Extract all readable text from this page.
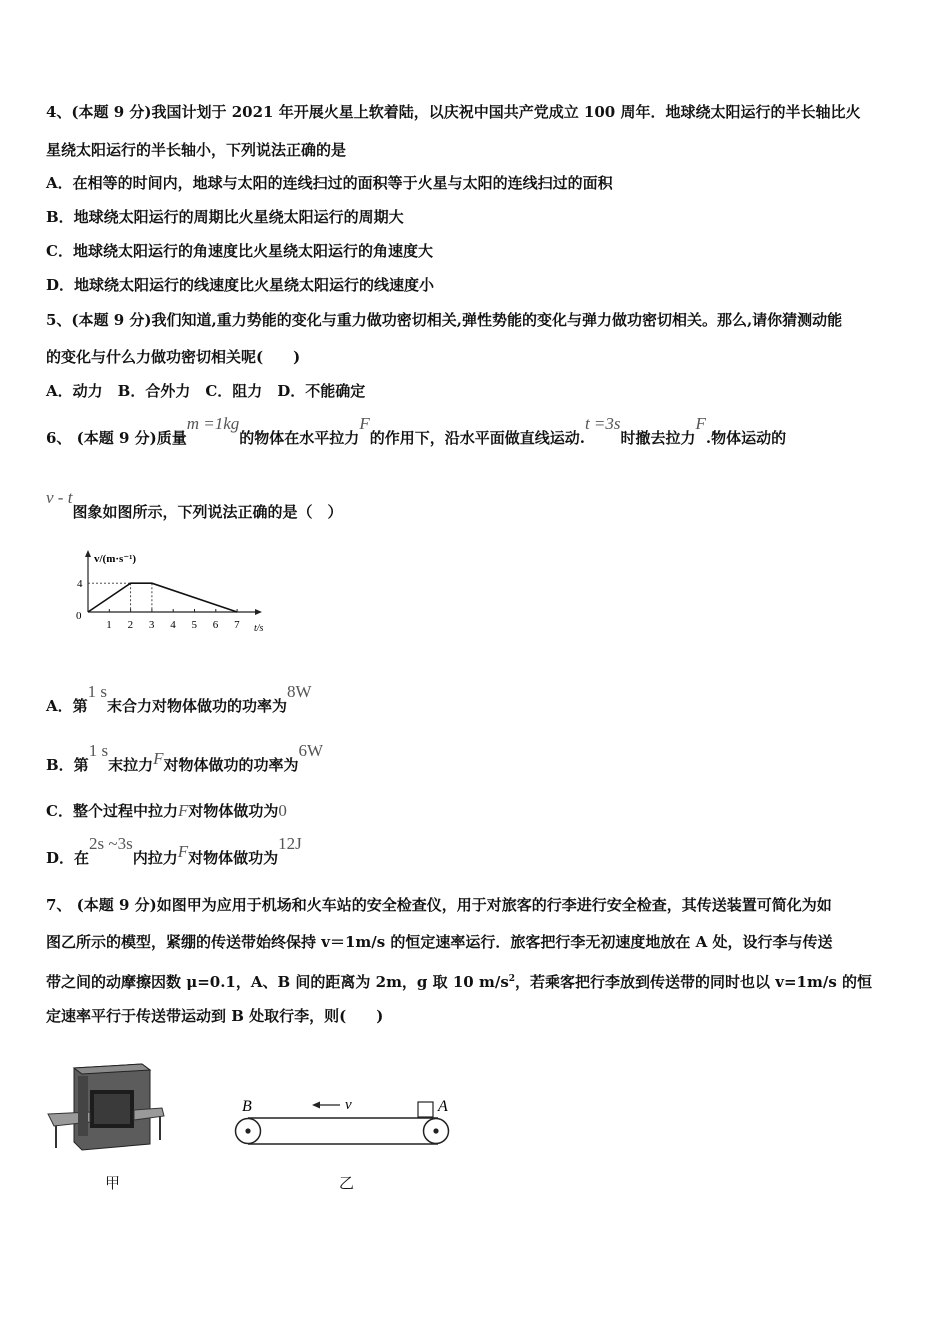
4、(本题 9 分)我国计划于 2021 年开展火星上软着陆，以庆祝中国共产党成立 100 周年．地球绕太阳运行的半长轴比火
星绕太阳运行的半长轴小，下列说法正确的是
A．在相等的时间内，地球与太阳的连线扫过的面积等于火星与太阳的连线扫过的面积
B．地球绕太阳运行的周期比火星绕太阳运行的周期大
C．地球绕太阳运行的角速度比火星绕太阳运行的角速度大
D．地球绕太阳运行的线速度比火星绕太阳运行的线速度小
5、(本题 9 分)我们知道,重力势能的变化与重力做功密切相关,弹性势能的变化与弹力做功密切相关。那么,请你猜测动能
的变化与什么力做功密切相关呢(　　)
A．动力　B．合外力　C．阻力　D．不能确定
6、 (本题 9 分)质量m =1kg的物体在水平拉力F的作用下，沿水平面做直线运动.t =3s时撤去拉力F.物体运动的
v - t图象如图所示，下列说法正确的是（　）
v/(m·s⁻¹)
t/s
0
1 2 3 4 5 6 7
4
A．第1 s末合力对物体做功的功率为8W
B．第1 s末拉力F对物体做功的功率为6W
C．整个过程中拉力F对物体做功为0
D．在2s ~3s内拉力F对物体做功为12J
7、 (本题 9 分)如图甲为应用于机场和火车站的安全检查仪，用于对旅客的行李进行安全检查，其传送装置可简化为如
图乙所示的模型，紧绷的传送带始终保持 v＝1m/s 的恒定速率运行．旅客把行李无初速度地放在 A 处，设行李与传送
带之间的动摩擦因数 μ=0.1，A、B 间的距离为 2m，g 取 10 $m/s^2$，若乘客把行李放到传送带的同时也以 v=1m/s 的恒
定速率平行于传送带运动到 B 处取行李，则(　　)
甲
B	A
v
乙
